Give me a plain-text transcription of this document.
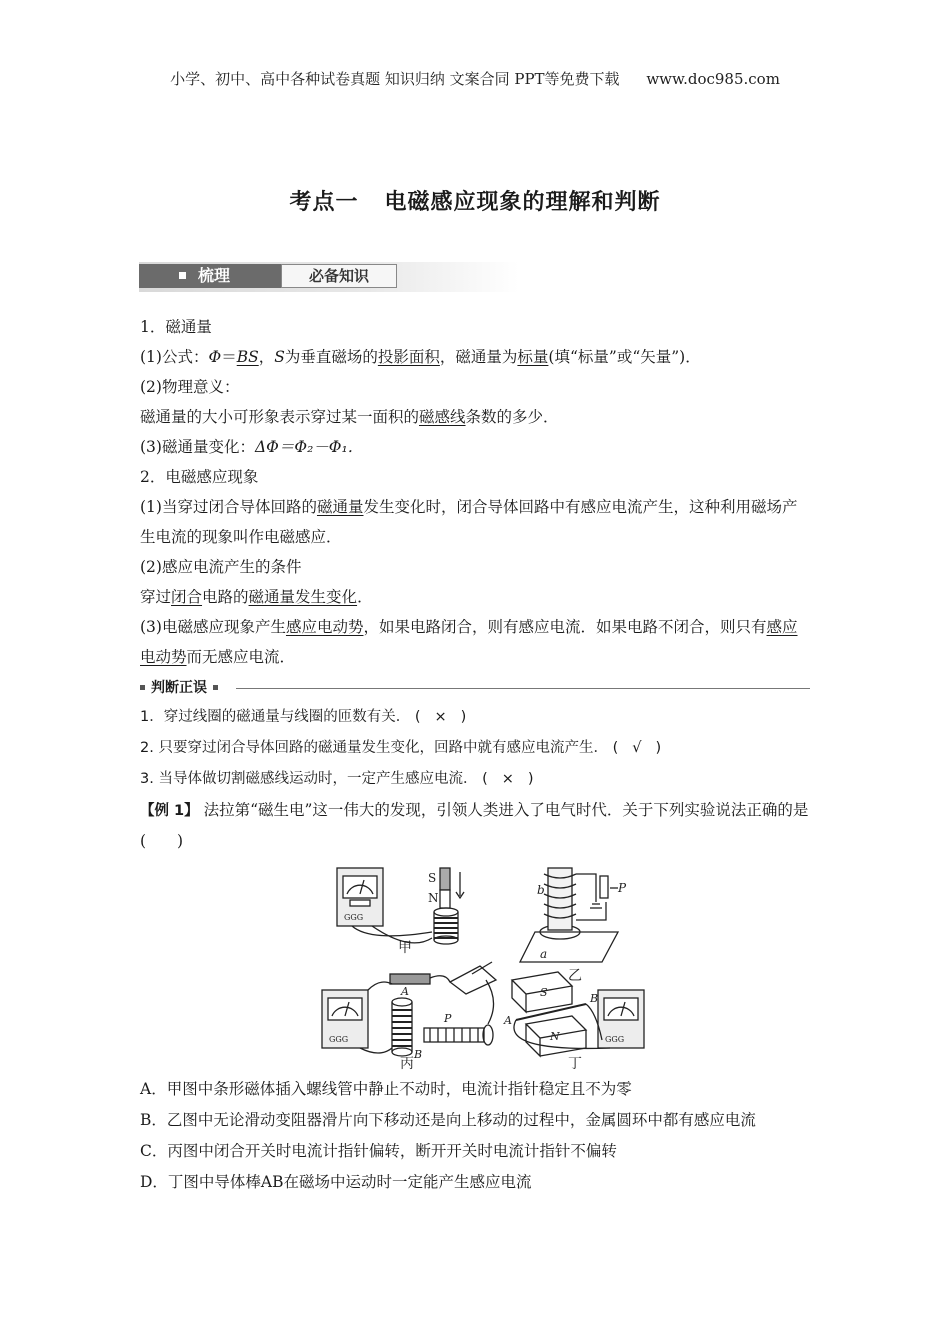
小学、初中、高中各种试卷真题 知识归纳 文案合同 PPT等免费下载 www.doc985.com
考点一 电磁感应现象的理解和判断
梳理	必备知识

1．磁通量

(1)公式：Φ＝BS，S为垂直磁场的投影面积，磁通量为标量(填“标量”或“矢量”)．

(2)物理意义：

磁通量的大小可形象表示穿过某一面积的磁感线条数的多少．

(3)磁通量变化：ΔΦ＝Φ₂－Φ₁．

2．电磁感应现象

(1)当穿过闭合导体回路的磁通量发生变化时，闭合导体回路中有感应电流产生，这种利用磁场产生电流的现象叫作电磁感应．

(2)感应电流产生的条件

穿过闭合电路的磁通量发生变化．

(3)电磁感应现象产生感应电动势，如果电路闭合，则有感应电流．如果电路不闭合，则只有感应电动势而无感应电流．

判断正误

1．穿过线圈的磁通量与线圈的匝数有关． ( × )

2. 只要穿过闭合导体回路的磁通量发生变化，回路中就有感应电流产生． ( √ )

3. 当导体做切割磁感线运动时，一定产生感应电流． ( × )

【例 1】 法拉第“磁生电”这一伟大的发现，引领人类进入了电气时代．关于下列实验说法正确的是(　　)

GGG
S
N
甲
b
a
P
乙
GGG
A
B
P
丙
S
N
A
B
GGG
丁

A．甲图中条形磁体插入螺线管中静止不动时，电流计指针稳定且不为零

B．乙图中无论滑动变阻器滑片向下移动还是向上移动的过程中，金属圆环中都有感应电流

C．丙图中闭合开关时电流计指针偏转，断开开关时电流计指针不偏转

D．丁图中导体棒AB在磁场中运动时一定能产生感应电流
